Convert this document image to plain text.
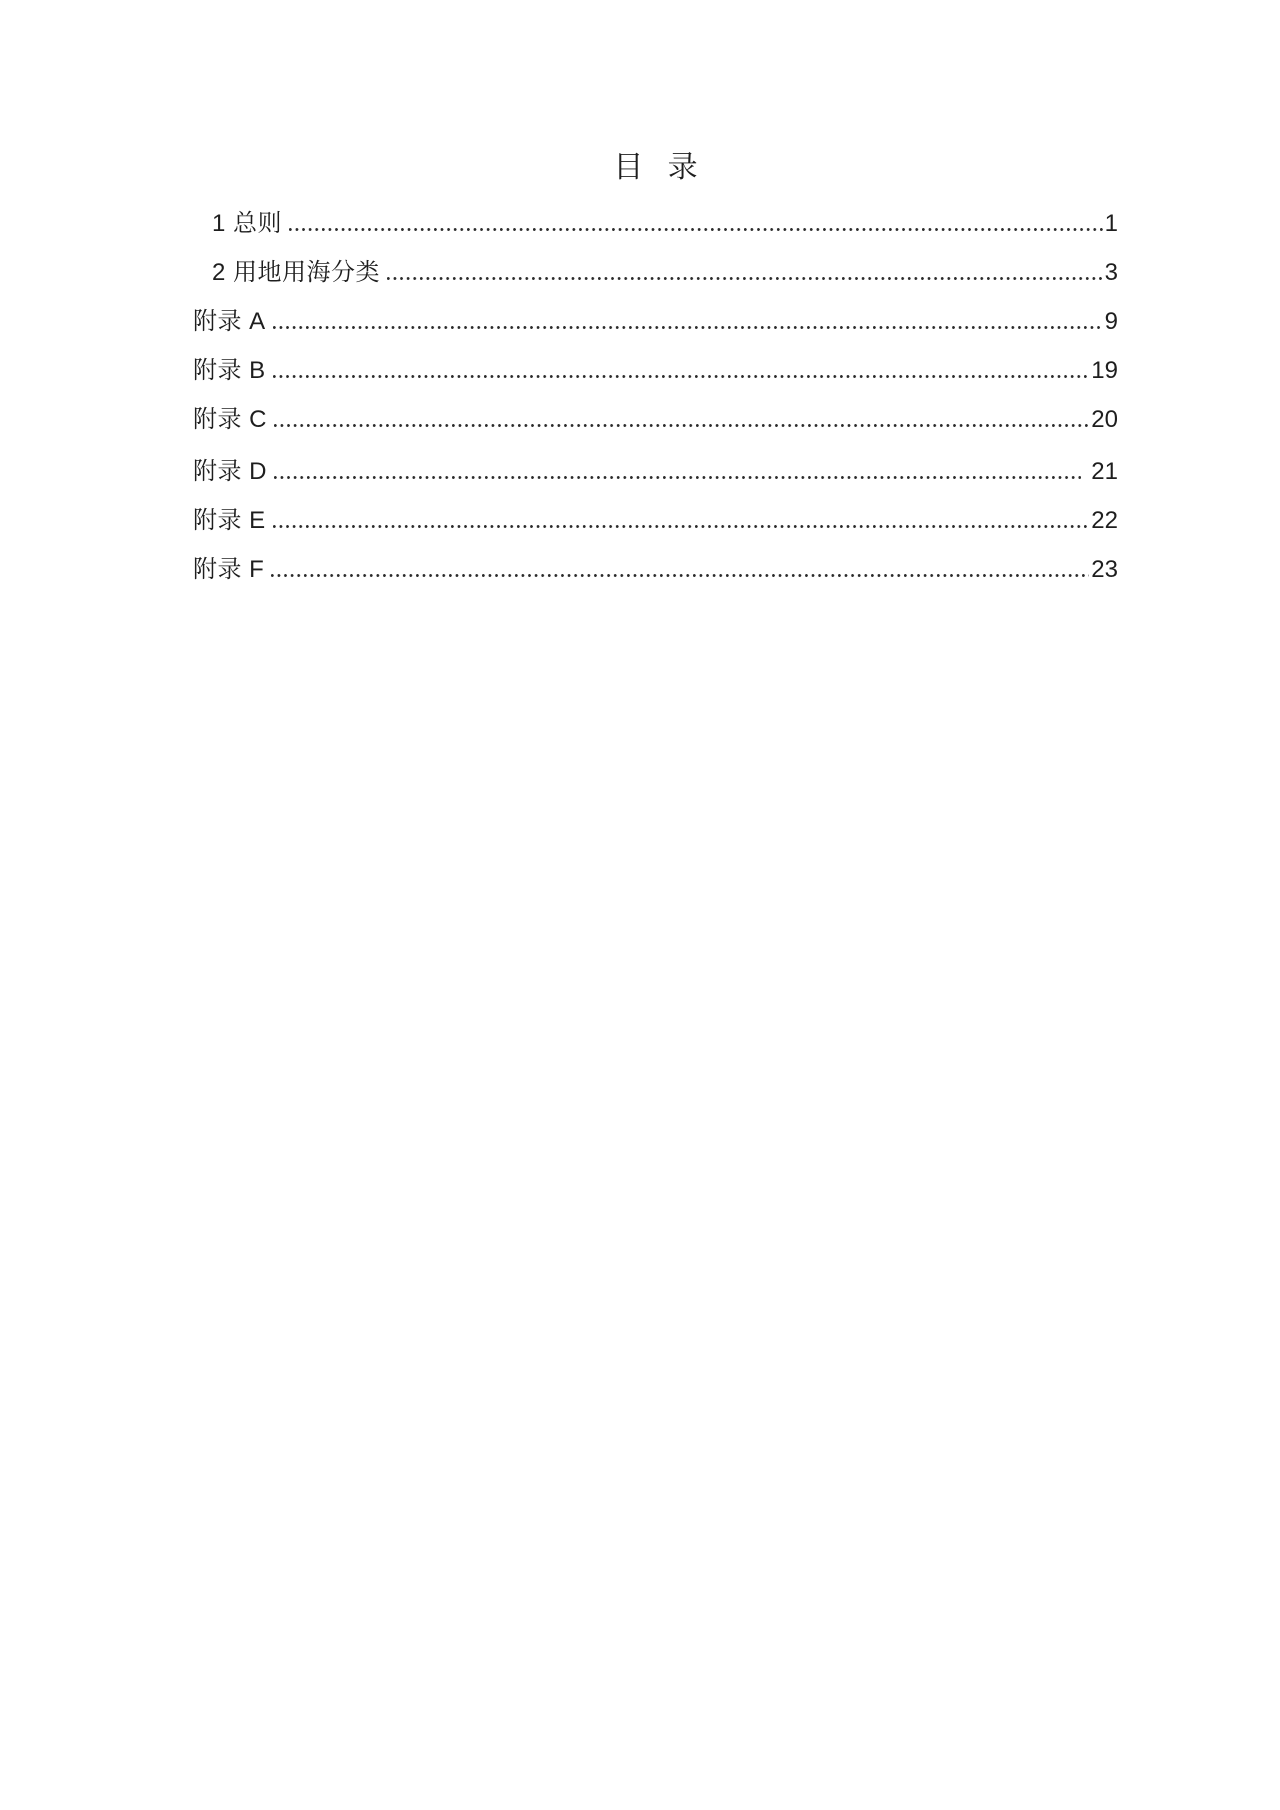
目 录
1 总则	1
2 用地用海分类	3
附录 A	9
附录 B	19
附录 C	20
附录 D	21
附录 E	22
附录 F	23
